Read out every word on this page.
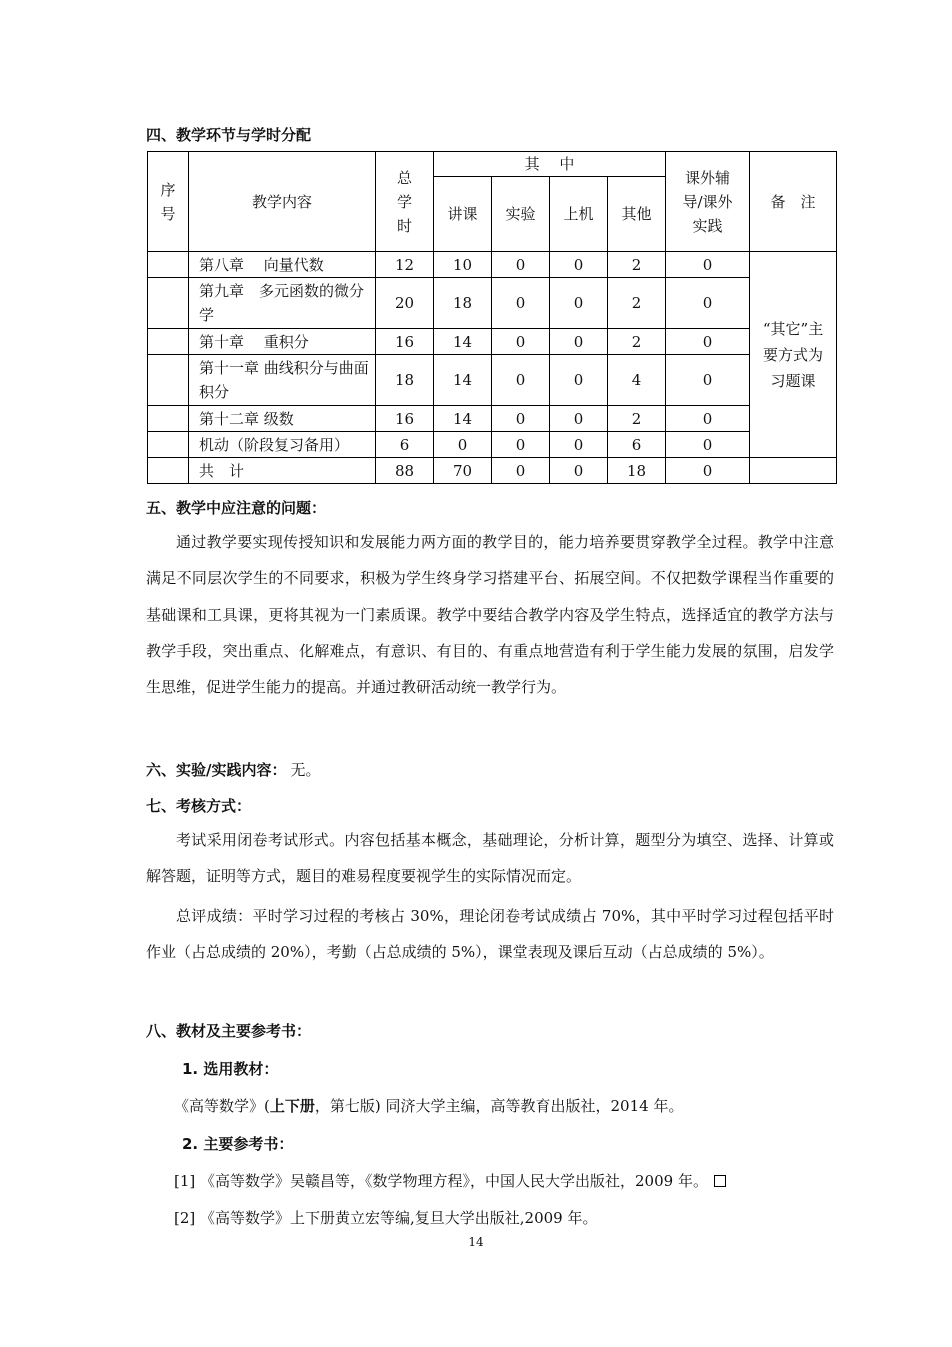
四、教学环节与学时分配
序号	教学内容	总学时	其　 中				课外辅导/课外实践	备　注
			讲课	实验	上机	其他		
	第八章　 向量代数	12	10	0	0	2	0	“其它”主要方式为习题课
	第九章　多元函数的微分学	20	18	0	0	2	0	
	第十章　 重积分	16	14	0	0	2	0	
	第十一章 曲线积分与曲面积分	18	14	0	0	4	0	
	第十二章 级数	16	14	0	0	2	0	
	机动（阶段复习备用）	6	0	0	0	6	0	
	共　计	88	70	0	0	18	0	
五、教学中应注意的问题：

通过教学要实现传授知识和发展能力两方面的教学目的，能力培养要贯穿教学全过程。教学中注意满足不同层次学生的不同要求，积极为学生终身学习搭建平台、拓展空间。不仅把数学课程当作重要的基础课和工具课，更将其视为一门素质课。教学中要结合教学内容及学生特点，选择适宜的教学方法与教学手段，突出重点、化解难点，有意识、有目的、有重点地营造有利于学生能力发展的氛围，启发学生思维，促进学生能力的提高。并通过教研活动统一教学行为。

六、实验/实践内容： 无。
七、考核方式：

考试采用闭卷考试形式。内容包括基本概念，基础理论，分析计算，题型分为填空、选择、计算或解答题，证明等方式，题目的难易程度要视学生的实际情况而定。

总评成绩：平时学习过程的考核占 30%，理论闭卷考试成绩占 70%，其中平时学习过程包括平时作业（占总成绩的 20%），考勤（占总成绩的 5%），课堂表现及课后互动（占总成绩的 5%）。

八、教材及主要参考书：
1. 选用教材：
《高等数学》(上下册，第七版) 同济大学主编，高等教育出版社，2014 年。
2. 主要参考书：
[1] 《高等数学》吴赣昌等，《数学物理方程》，中国人民大学出版社，2009 年。
[2] 《高等数学》上下册黄立宏等编,复旦大学出版社,2009 年。
14
